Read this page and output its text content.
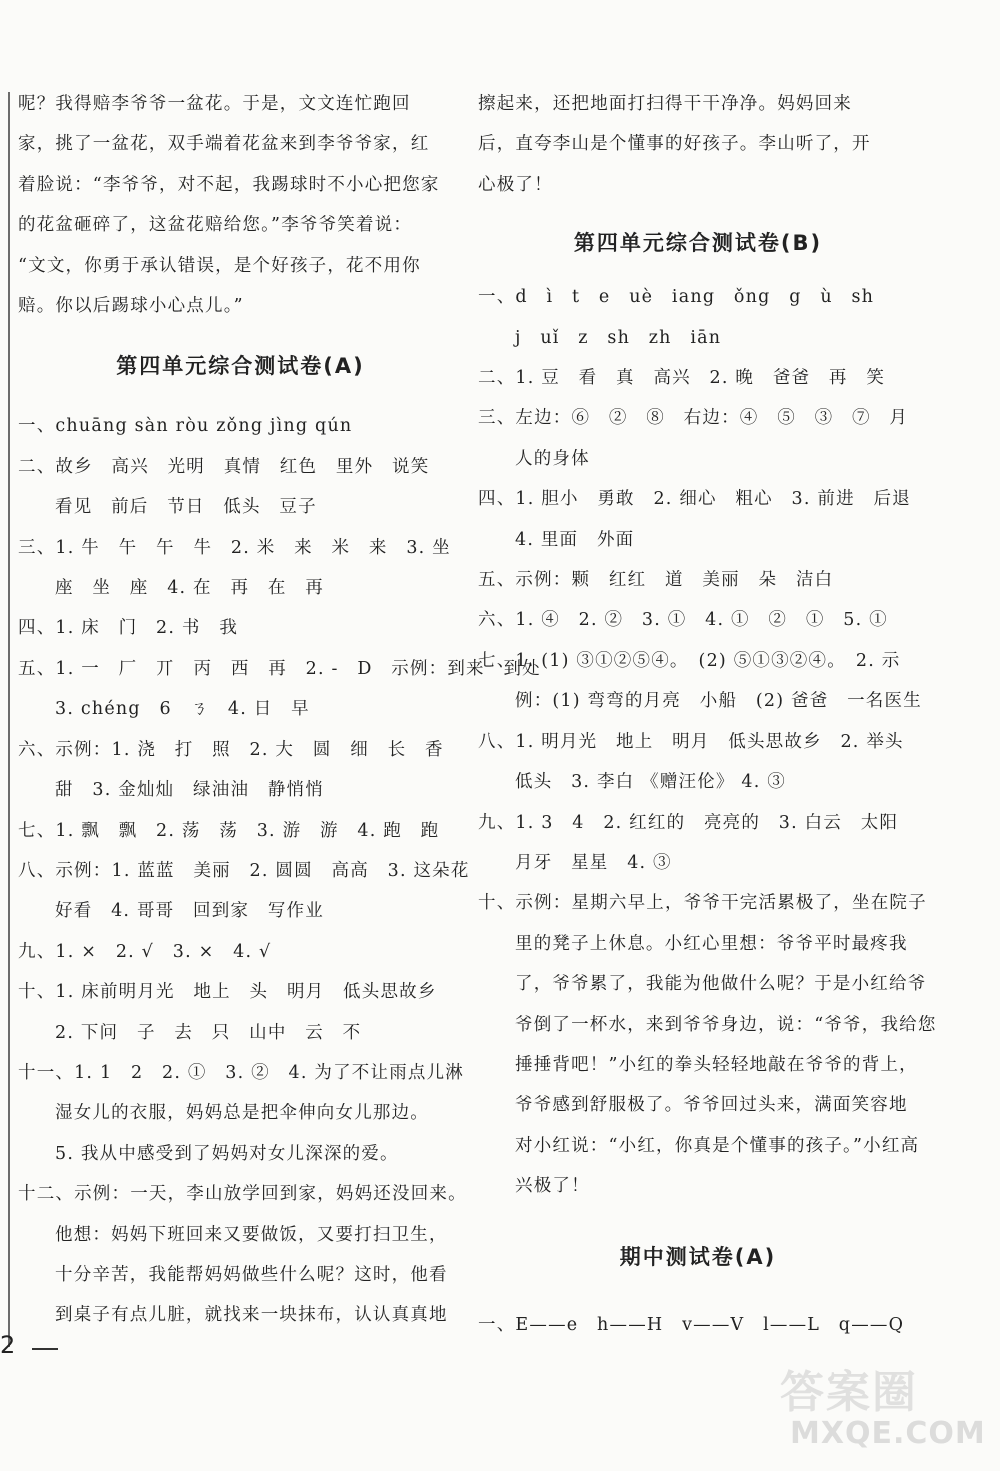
呢？我得赔李爷爷一盆花。于是，文文连忙跑回
家，挑了一盆花，双手端着花盆来到李爷爷家，红
着脸说：“李爷爷，对不起，我踢球时不小心把您家
的花盆砸碎了，这盆花赔给您。”李爷爷笑着说：
“文文，你勇于承认错误，是个好孩子，花不用你
赔。你以后踢球小心点儿。”
第四单元综合测试卷(A)
一、chuāng sàn ròu zǒng jìng qún
二、故乡　高兴　光明　真情　红色　里外　说笑
看见　前后　节日　低头　豆子
三、1. 牛　午　午　牛　2. 米　来　米　来　3. 坐
座　坐　座　4. 在　再　在　再
四、1. 床　门　2. 书　我
五、1. 一　厂　丌　丙　西　再　2. -　D　示例：到来　到处
3. chéng　6　ㄋ　4. 日　早
六、示例：1. 浇　打　照　2. 大　圆　细　长　香
甜　3. 金灿灿　绿油油　静悄悄
七、1. 飘　飘　2. 荡　荡　3. 游　游　4. 跑　跑
八、示例：1. 蓝蓝　美丽　2. 圆圆　高高　3. 这朵花
好看　4. 哥哥　回到家　写作业
九、1. ×　2. √　3. ×　4. √
十、1. 床前明月光　地上　头　明月　低头思故乡
2. 下问　子　去　只　山中　云　不
十一、1. 1　2　2. ①　3. ②　4. 为了不让雨点儿淋
湿女儿的衣服，妈妈总是把伞伸向女儿那边。
5. 我从中感受到了妈妈对女儿深深的爱。
十二、示例：一天，李山放学回到家，妈妈还没回来。
他想：妈妈下班回来又要做饭，又要打扫卫生，
十分辛苦，我能帮妈妈做些什么呢？这时，他看
到桌子有点儿脏，就找来一块抹布，认认真真地
擦起来，还把地面打扫得干干净净。妈妈回来
后，直夸李山是个懂事的好孩子。李山听了，开
心极了！
第四单元综合测试卷(B)
一、d　ì　t　e　uè　iang　ǒng　g　ù　sh
j　uǐ　z　sh　zh　iān
二、1. 豆　看　真　高兴　2. 晚　爸爸　再　笑
三、左边：⑥　②　⑧　右边：④　⑤　③　⑦　月
人的身体
四、1. 胆小　勇敢　2. 细心　粗心　3. 前进　后退
4. 里面　外面
五、示例：颗　红红　道　美丽　朵　洁白
六、1. ④　2. ②　3. ①　4. ①　②　①　5. ①
七、1. (1) ③①②⑤④。　(2) ⑤①③②④。　2. 示
例：(1) 弯弯的月亮　小船　(2) 爸爸　一名医生
八、1. 明月光　地上　明月　低头思故乡　2. 举头
低头　3. 李白 《赠汪伦》 4. ③
九、1. 3　4　2. 红红的　亮亮的　3. 白云　太阳
月牙　星星　4. ③
十、示例：星期六早上，爷爷干完活累极了，坐在院子
里的凳子上休息。小红心里想：爷爷平时最疼我
了，爷爷累了，我能为他做什么呢？于是小红给爷
爷倒了一杯水，来到爷爷身边，说：“爷爷，我给您
捶捶背吧！”小红的拳头轻轻地敲在爷爷的背上，
爷爷感到舒服极了。爷爷回过头来，满面笑容地
对小红说：“小红，你真是个懂事的孩子。”小红高
兴极了！
期中测试卷(A)
一、E——e　h——H　v——V　l——L　q——Q
2
答案圈
MXQE.COM
